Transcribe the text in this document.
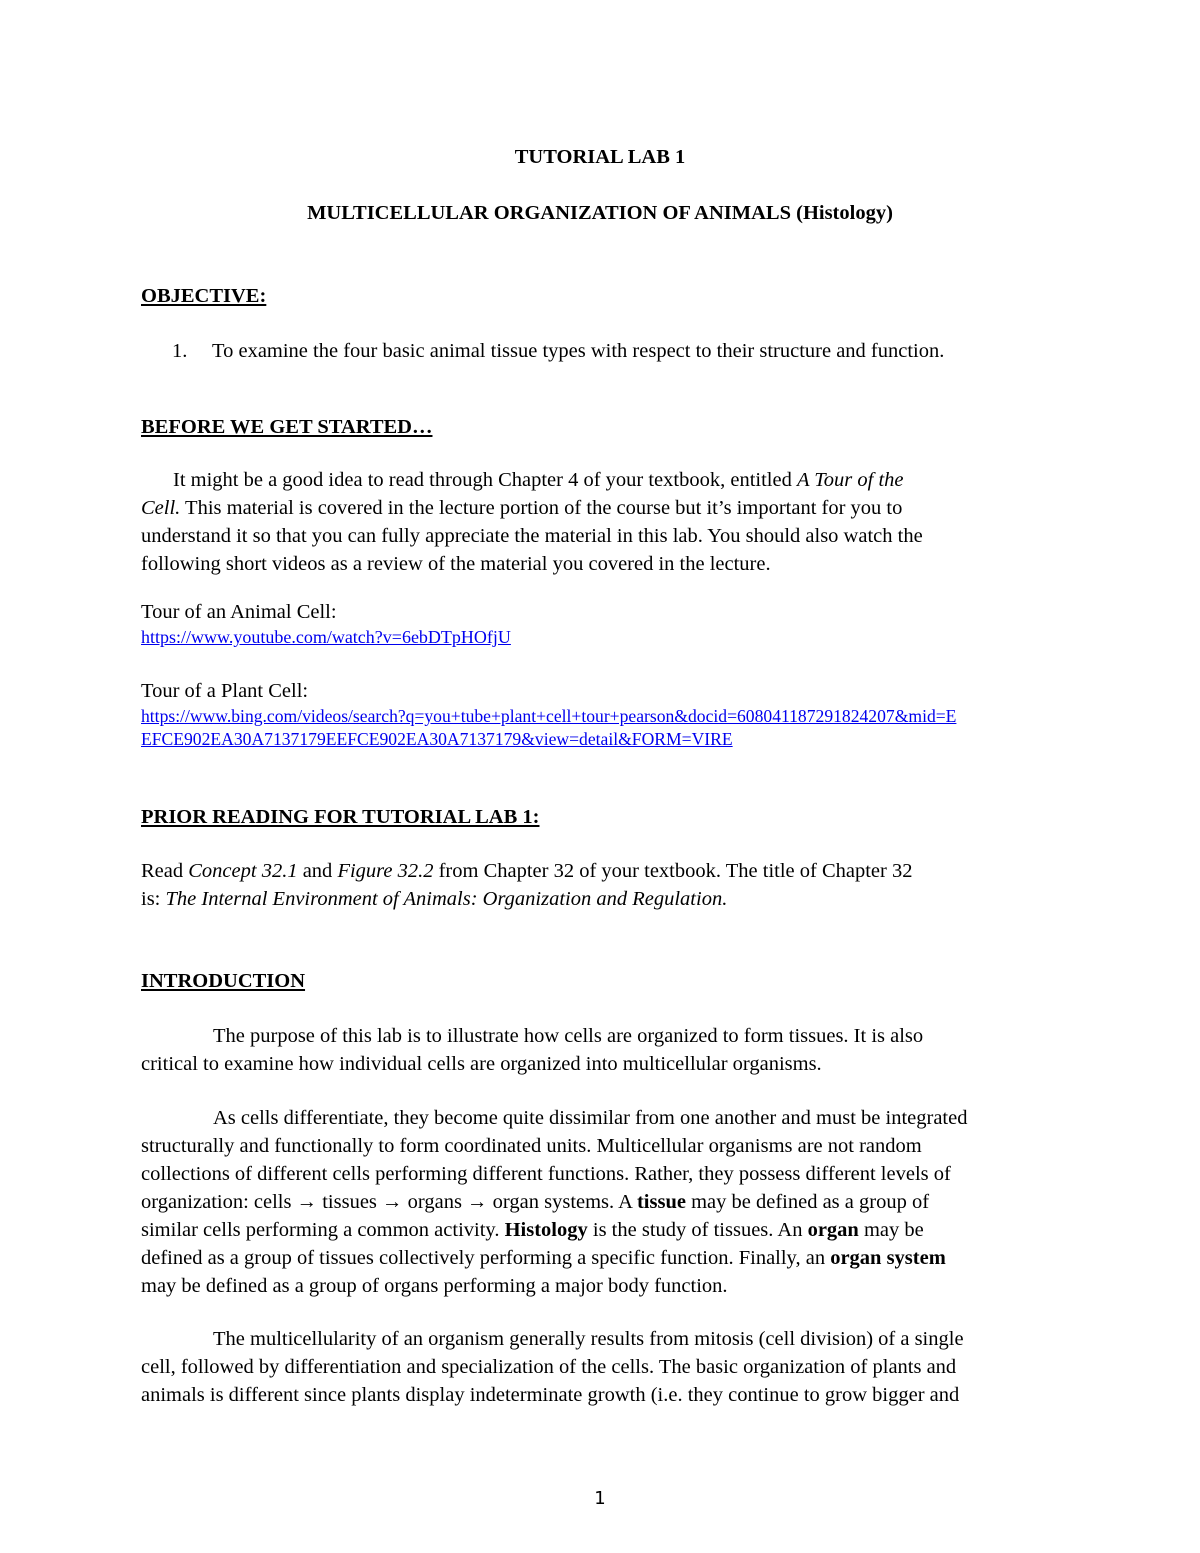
TUTORIAL LAB 1
MULTICELLULAR ORGANIZATION OF ANIMALS (Histology)
OBJECTIVE:
1. To examine the four basic animal tissue types with respect to their structure and function.
BEFORE WE GET STARTED…
It might be a good idea to read through Chapter 4 of your textbook, entitled A Tour of the
Cell. This material is covered in the lecture portion of the course but it’s important for you to
understand it so that you can fully appreciate the material in this lab. You should also watch the
following short videos as a review of the material you covered in the lecture.
Tour of an Animal Cell:
https://www.youtube.com/watch?v=6ebDTpHOfjU
Tour of a Plant Cell:
https://www.bing.com/videos/search?q=you+tube+plant+cell+tour+pearson&docid=608041187291824207&mid=E
EFCE902EA30A7137179EEFCE902EA30A7137179&view=detail&FORM=VIRE
PRIOR READING FOR TUTORIAL LAB 1:
Read Concept 32.1 and Figure 32.2 from Chapter 32 of your textbook. The title of Chapter 32
is: The Internal Environment of Animals: Organization and Regulation.
INTRODUCTION
The purpose of this lab is to illustrate how cells are organized to form tissues. It is also
critical to examine how individual cells are organized into multicellular organisms.
As cells differentiate, they become quite dissimilar from one another and must be integrated
structurally and functionally to form coordinated units. Multicellular organisms are not random
collections of different cells performing different functions. Rather, they possess different levels of
organization: cells → tissues → organs → organ systems. A tissue may be defined as a group of
similar cells performing a common activity. Histology is the study of tissues. An organ may be
defined as a group of tissues collectively performing a specific function. Finally, an organ system
may be defined as a group of organs performing a major body function.
The multicellularity of an organism generally results from mitosis (cell division) of a single
cell, followed by differentiation and specialization of the cells. The basic organization of plants and
animals is different since plants display indeterminate growth (i.e. they continue to grow bigger and
1
